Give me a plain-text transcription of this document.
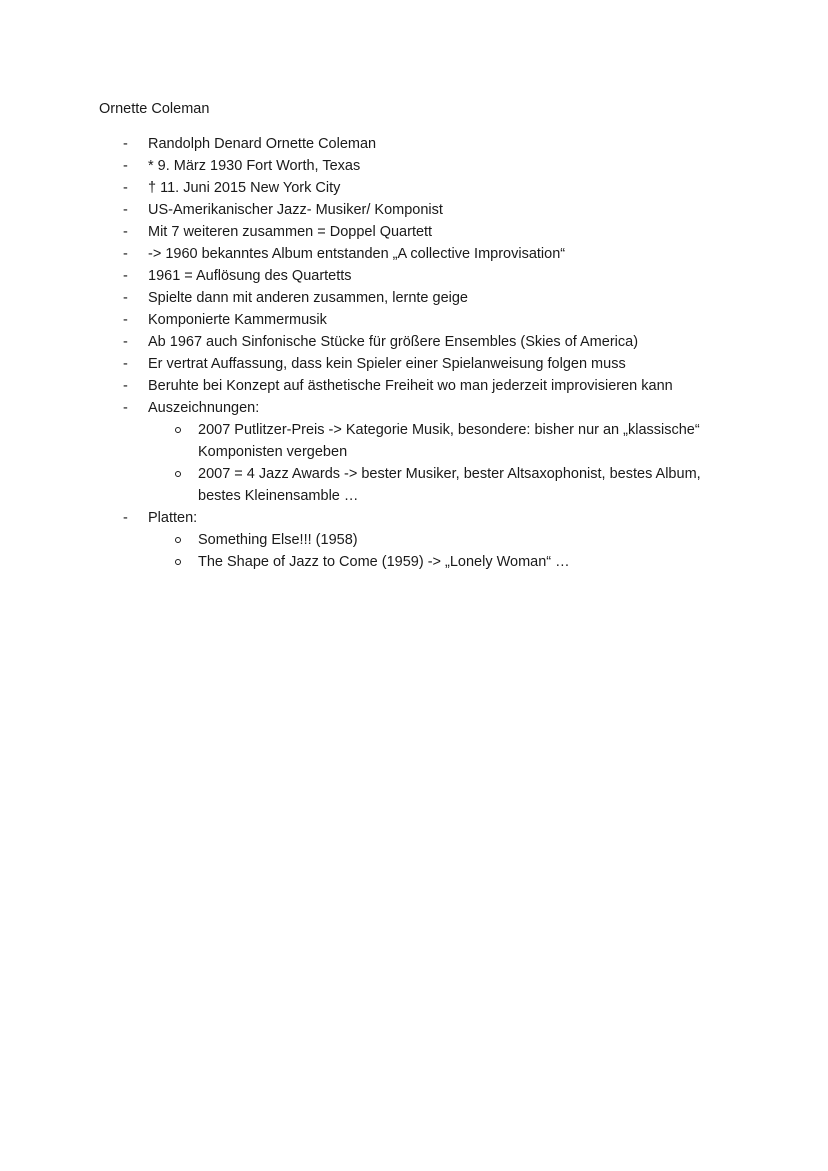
Ornette Coleman
-	Randolph Denard Ornette Coleman
-	* 9. März 1930 Fort Worth, Texas
-	† 11. Juni 2015 New York City
-	US-Amerikanischer Jazz- Musiker/ Komponist
-	Mit 7 weiteren zusammen = Doppel Quartett
-	-> 1960 bekanntes Album entstanden „A collective Improvisation“
-	1961 = Auflösung des Quartetts
-	Spielte dann mit anderen zusammen, lernte geige
-	Komponierte Kammermusik
-	Ab 1967 auch Sinfonische Stücke für größere Ensembles (Skies of America)
-	Er vertrat Auffassung, dass kein Spieler einer Spielanweisung folgen muss
-	Beruhte bei Konzept auf ästhetische Freiheit wo man jederzeit improvisieren kann
-	Auszeichnungen:
2007 Putlitzer-Preis -> Kategorie Musik, besondere: bisher nur an „klassische“ Komponisten vergeben
2007 = 4 Jazz Awards -> bester Musiker, bester Altsaxophonist, bestes Album, bestes Kleinensamble …
-	Platten:
Something Else!!! (1958)
The Shape of Jazz to Come (1959) -> „Lonely Woman“ …
